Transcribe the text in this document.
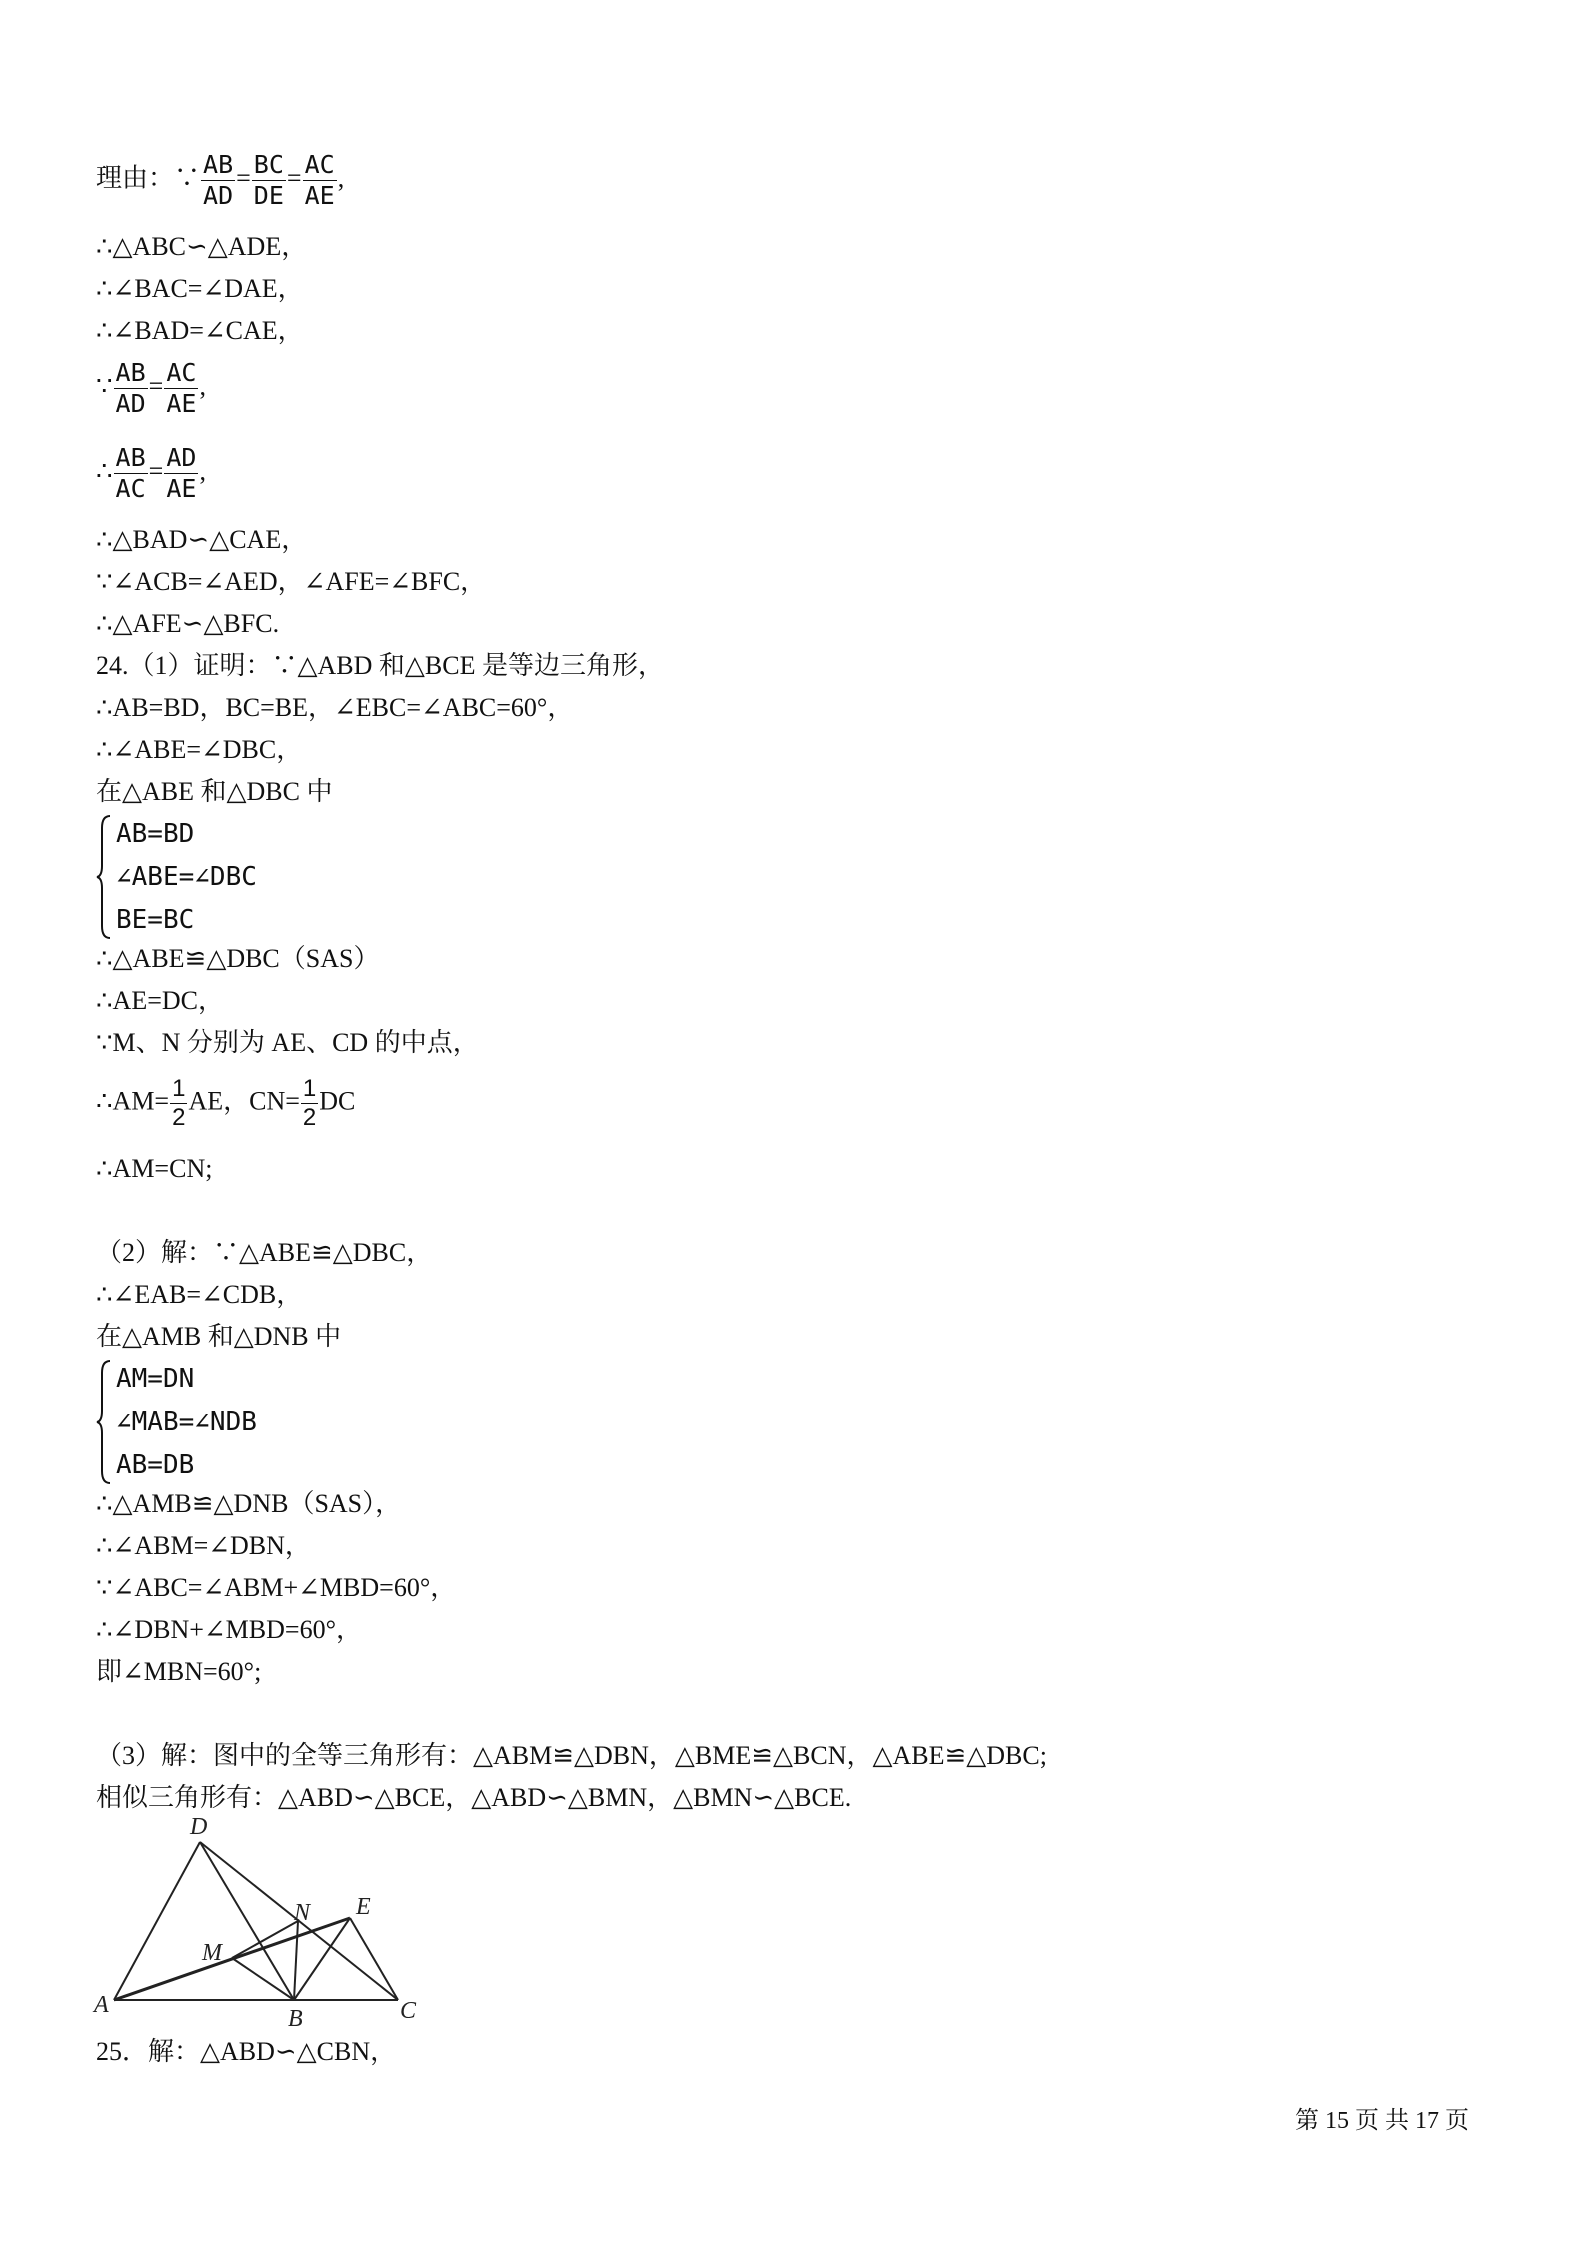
理由：∵ $\frac{AB}{AD} = \frac{BC}{DE} = \frac{AC}{AE}$ ,
∴△ABC∽△ADE，
∴∠BAC=∠DAE，
∴∠BAD=∠CAE，
∵ $\frac{AB}{AD} = \frac{AC}{AE}$ ,
∴ $\frac{AB}{AC} = \frac{AD}{AE}$ ,
∴△BAD∽△CAE，
∵∠ACB=∠AED，∠AFE=∠BFC，
∴△AFE∽△BFC.
24.（1）证明：∵△ABD 和△BCE 是等边三角形，
∴AB=BD，BC=BE，∠EBC=∠ABC=60°，
∴∠ABE=∠DBC，
在△ABE 和△DBC 中
AB=BD
∠ABE=∠DBC
BE=BC
∴△ABE≌△DBC（SAS）
∴AE=DC，
∵M、N 分别为 AE、CD 的中点，
∴AM= $\frac{1}{2}$ AE，$CN= \frac{1}{2}$ DC
∴AM=CN;
（2）解：∵△ABE≌△DBC，
∴∠EAB=∠CDB，
在△AMB 和△DNB 中
AM=DN
∠MAB=∠NDB
AB=DB
∴△AMB≌△DNB（SAS），
∴∠ABM=∠DBN，
∵∠ABC=∠ABM+∠MBD=60°，
∴∠DBN+∠MBD=60°，
即∠MBN=60°;
（3）解：图中的全等三角形有：△ABM≌△DBN，△BME≌△BCN，△ABE≌△DBC;
相似三角形有：△ABD∽△BCE，△ABD∽△BMN，△BMN∽△BCE.
D
E
N
M
A
B	C
25．解：△ABD∽△CBN，
第 15 页 共 17 页
